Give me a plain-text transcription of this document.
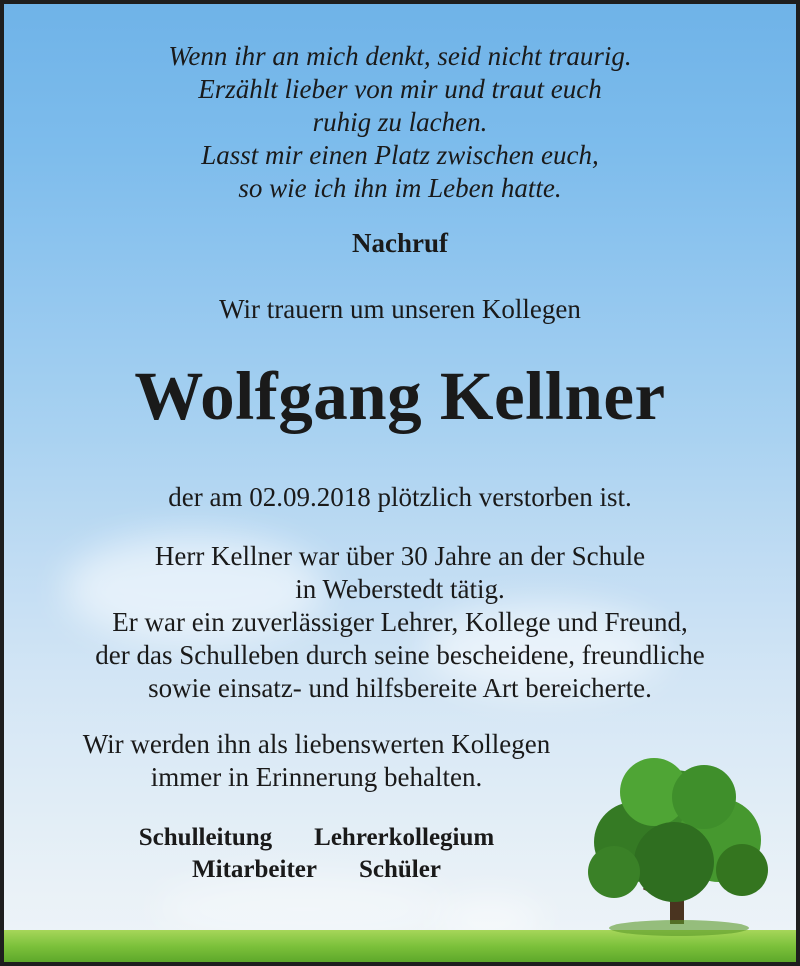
Wenn ihr an mich denkt, seid nicht traurig.
Erzählt lieber von mir und traut euch
ruhig zu lachen.
Lasst mir einen Platz zwischen euch,
so wie ich ihn im Leben hatte.
Nachruf
Wir trauern um unseren Kollegen
Wolfgang Kellner
der am 02.09.2018 plötzlich verstorben ist.
Herr Kellner war über 30 Jahre an der Schule
in Weberstedt tätig.
Er war ein zuverlässiger Lehrer, Kollege und Freund,
der das Schulleben durch seine bescheidene, freundliche
sowie einsatz- und hilfsbereite Art bereicherte.
Wir werden ihn als liebenswerten Kollegen
immer in Erinnerung behalten.
Schulleitung Lehrerkollegium
Mitarbeiter Schüler
